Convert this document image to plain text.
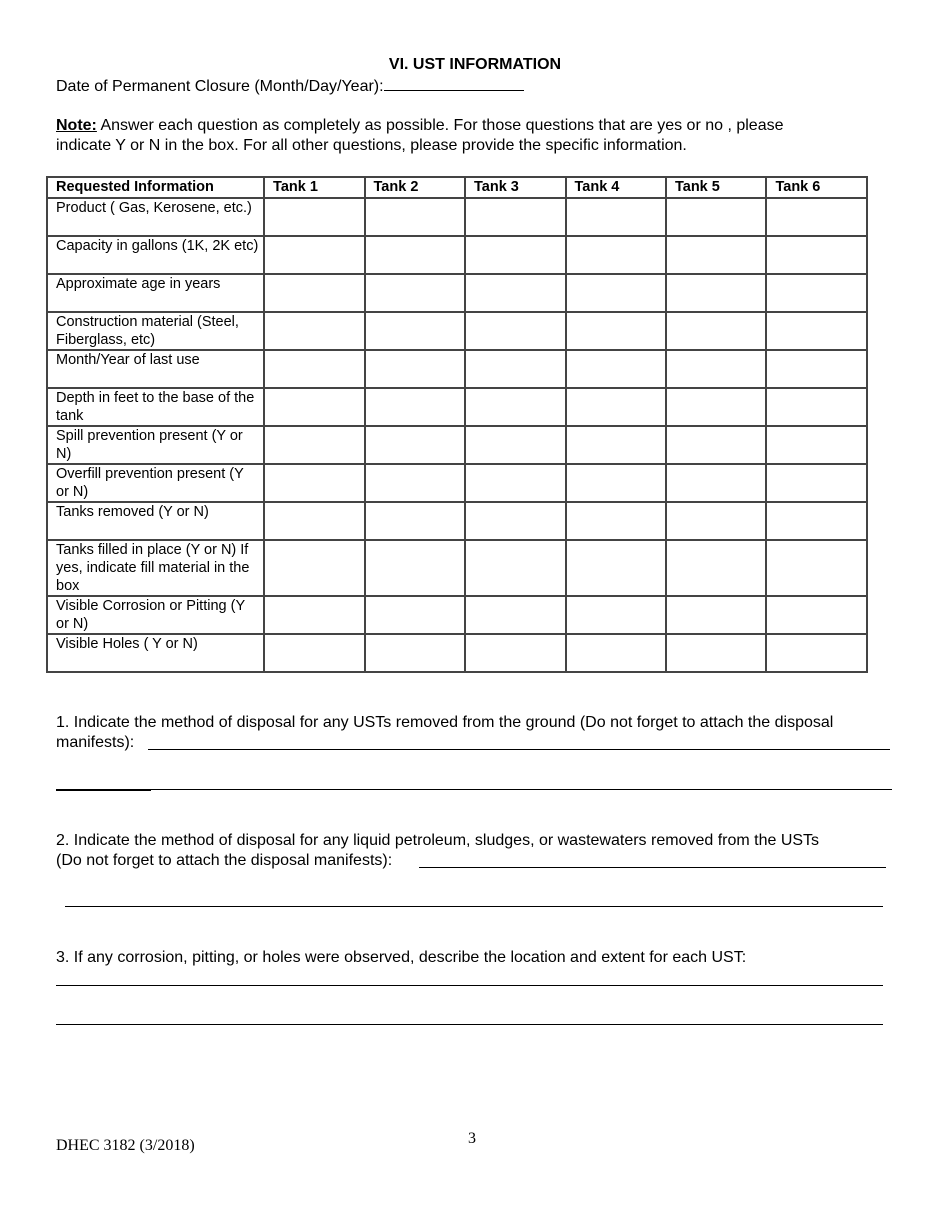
VI. UST INFORMATION
Date of Permanent Closure (Month/Day/Year):
Note: Answer each question as completely as possible. For those questions that are yes or no , please
indicate Y or N in the box. For all other questions, please provide the specific information.
Requested Information	Tank 1	Tank 2	Tank 3	Tank 4	Tank 5	Tank 6

Product ( Gas, Kerosene, etc.)						

Capacity in gallons (1K, 2K etc)						

Approximate age in years						

Construction material (Steel, Fiberglass, etc)						

Month/Year of last use						

Depth in feet to the base of the tank						

Spill prevention present (Y or N)						

Overfill prevention present (Y or N)						

Tanks removed (Y or N)						

Tanks filled in place (Y or N) If yes, indicate fill material in the box						

Visible Corrosion or Pitting (Y or N)						

Visible Holes ( Y or N)						

1. Indicate the method of disposal for any USTs removed from the ground (Do not forget to attach the disposal
manifests):
2. Indicate the method of disposal for any liquid petroleum, sludges, or wastewaters removed from the USTs
(Do not forget to attach the disposal manifests):
3. If any corrosion, pitting, or holes were observed, describe the location and extent for each UST:
DHEC 3182 (3/2018)	3
